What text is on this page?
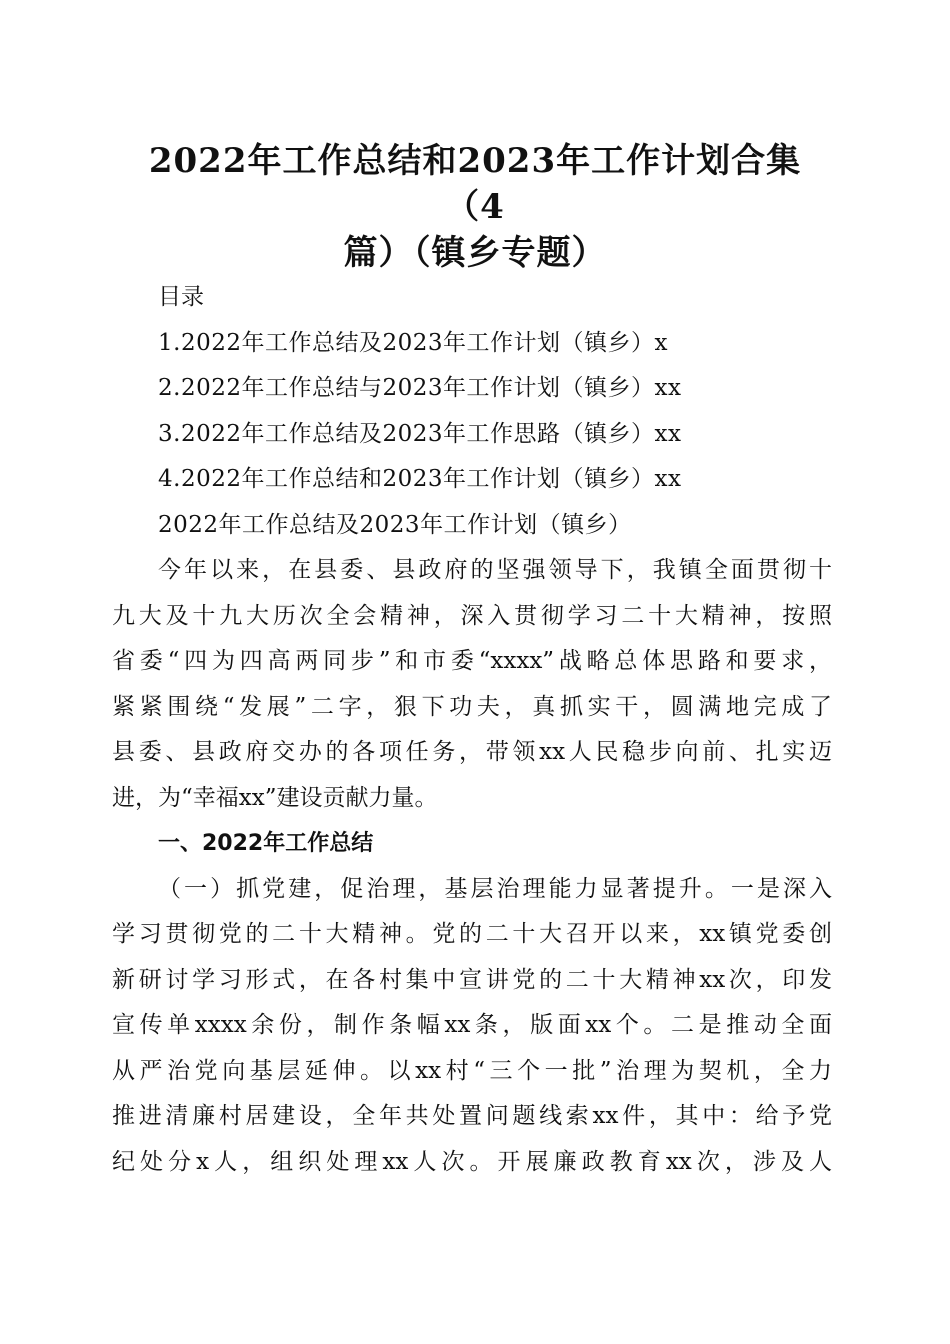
2022年工作总结和2023年工作计划合集（4
篇）（镇乡专题）

目录

1.2022年工作总结及2023年工作计划（镇乡）x

2.2022年工作总结与2023年工作计划（镇乡）xx

3.2022年工作总结及2023年工作思路（镇乡）xx

4.2022年工作总结和2023年工作计划（镇乡）xx

2022年工作总结及2023年工作计划（镇乡）

今年以来，在县委、县政府的坚强领导下，我镇全面贯彻十

九大及十九大历次全会精神，深入贯彻学习二十大精神，按照

省委“四为四高两同步”和市委“xxxx”战略总体思路和要求，

紧紧围绕“发展”二字，狠下功夫，真抓实干，圆满地完成了

县委、县政府交办的各项任务，带领xx人民稳步向前、扎实迈

进，为“幸福xx”建设贡献力量。

一、2022年工作总结

（一）抓党建，促治理，基层治理能力显著提升。一是深入

学习贯彻党的二十大精神。党的二十大召开以来，xx镇党委创

新研讨学习形式，在各村集中宣讲党的二十大精神xx次，印发

宣传单xxxx余份，制作条幅xx条，版面xx个。二是推动全面

从严治党向基层延伸。以xx村“三个一批”治理为契机，全力

推进清廉村居建设，全年共处置问题线索xx件，其中：给予党

纪处分x人，组织处理xx人次。开展廉政教育xx次，涉及人
